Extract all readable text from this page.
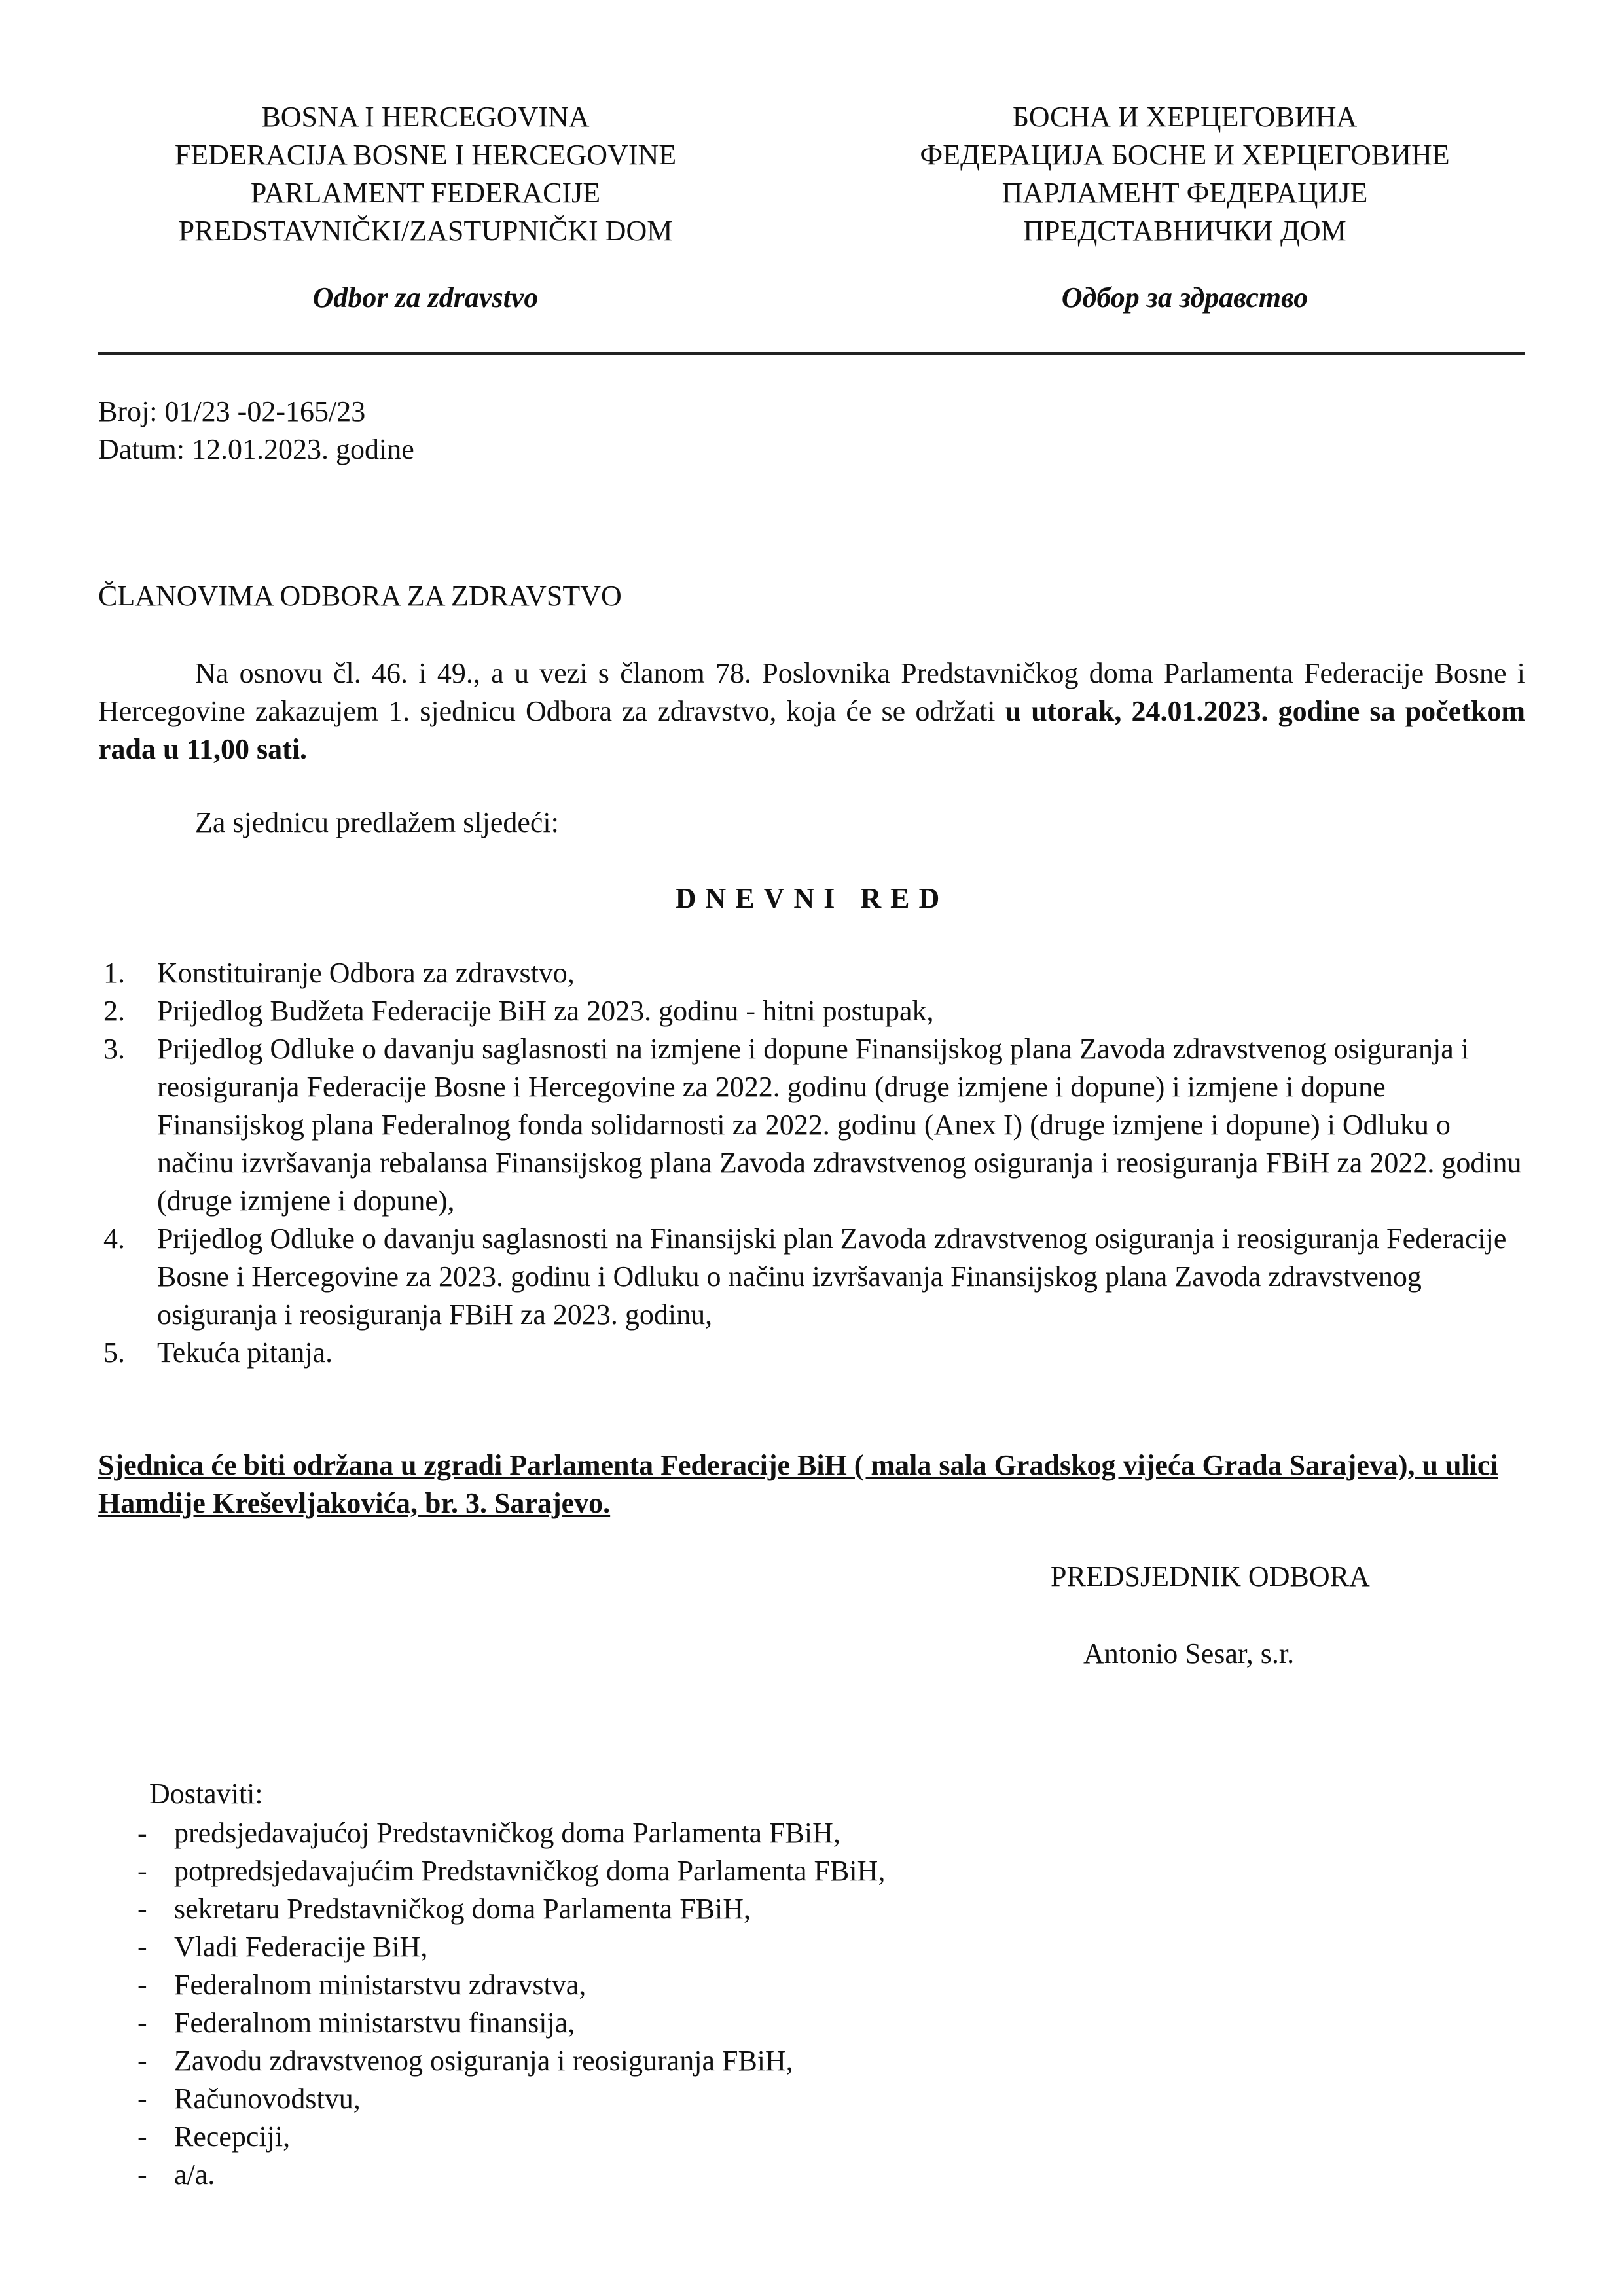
BOSNA I HERCEGOVINA
FEDERACIJA BOSNE I HERCEGOVINE
PARLAMENT FEDERACIJE
PREDSTAVNIČKI/ZASTUPNIČKI DOM
Odbor za zdravstvo
БОСНА И ХЕРЦЕГОВИНА
ФЕДЕРАЦИЈА БОСНЕ И ХЕРЦЕГОВИНЕ
ПАРЛАМЕНТ ФЕДЕРАЦИЈЕ
ПРЕДСТАВНИЧКИ ДОМ
Одбор за здравство
Broj: 01/23 -02-165/23
Datum: 12.01.2023. godine
ČLANOVIMA ODBORA ZA ZDRAVSTVO
Na osnovu čl. 46. i 49., a u vezi s članom 78. Poslovnika Predstavničkog doma Parlamenta Federacije Bosne i Hercegovine zakazujem 1. sjednicu Odbora za zdravstvo, koja će se održati u utorak, 24.01.2023. godine sa početkom rada u 11,00 sati.
Za sjednicu predlažem sljedeći:
DNEVNI RED
1. Konstituiranje Odbora za zdravstvo,
2. Prijedlog Budžeta Federacije BiH za 2023. godinu - hitni postupak,
3. Prijedlog Odluke o davanju saglasnosti na izmjene i dopune Finansijskog plana Zavoda zdravstvenog osiguranja i reosiguranja Federacije Bosne i Hercegovine za 2022. godinu (druge izmjene i dopune) i izmjene i dopune Finansijskog plana Federalnog fonda solidarnosti za 2022. godinu (Anex I) (druge izmjene i dopune) i Odluku o načinu izvršavanja rebalansa Finansijskog plana Zavoda zdravstvenog osiguranja i reosiguranja FBiH za 2022. godinu (druge izmjene i dopune),
4. Prijedlog Odluke o davanju saglasnosti na Finansijski plan Zavoda zdravstvenog osiguranja i reosiguranja Federacije Bosne i Hercegovine za 2023. godinu i Odluku o načinu izvršavanja Finansijskog plana Zavoda zdravstvenog osiguranja i reosiguranja FBiH za 2023. godinu,
5. Tekuća pitanja.
Sjednica će biti održana u zgradi Parlamenta Federacije BiH ( mala sala Gradskog vijeća Grada Sarajeva), u ulici Hamdije Kreševljakovića, br. 3. Sarajevo.
PREDSJEDNIK ODBORA
Antonio Sesar, s.r.
Dostaviti:
- predsjedavajućoj Predstavničkog doma Parlamenta FBiH,
- potpredsjedavajućim Predstavničkog doma Parlamenta FBiH,
- sekretaru Predstavničkog doma Parlamenta FBiH,
- Vladi Federacije BiH,
- Federalnom ministarstvu zdravstva,
- Federalnom ministarstvu finansija,
- Zavodu zdravstvenog osiguranja i reosiguranja FBiH,
- Računovodstvu,
- Recepciji,
- a/a.
